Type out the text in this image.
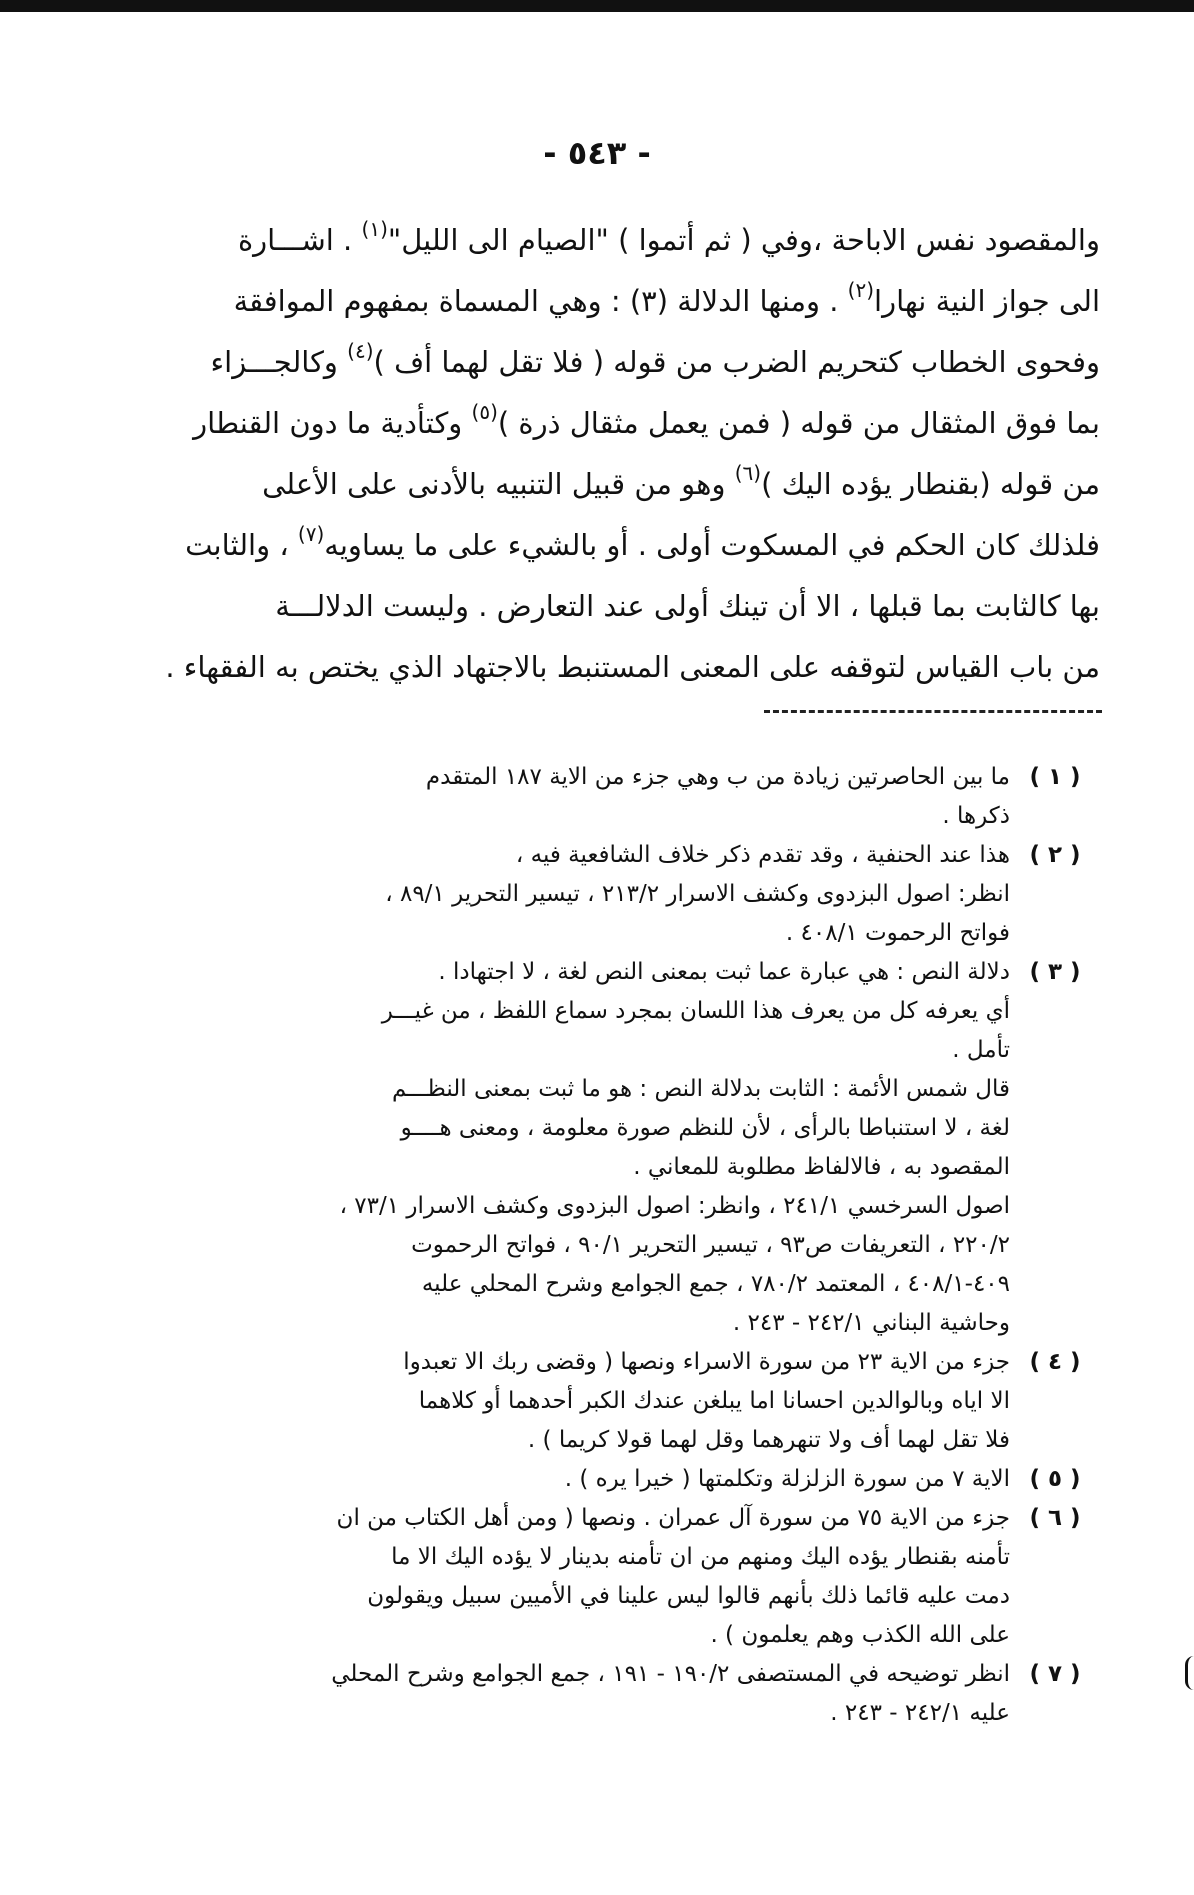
- ٥٤٣ -

والمقصود نفس الاباحة ،وفي ( ثم أتموا ) "الصيام الى الليل"$^{(١)}$ . اشـــارة

الى جواز النية نهارا$^{(٢)}$ . ومنها الدلالة (٣) : وهي المسماة بمفهوم الموافقة

وفحوى الخطاب كتحريم الضرب من قوله ( فلا تقل لهما أف )$^{(٤)}$ وكالجـــزاء

بما فوق المثقال من قوله ( فمن يعمل مثقال ذرة )$^{(٥)}$ وكتأدية ما دون القنطار

من قوله (بقنطار يؤده اليك )$^{(٦)}$ وهو من قبيل التنبيه بالأدنى على الأعلى

فلذلك كان الحكم في المسكوت أولى . أو بالشيء على ما يساويه$^{(٧)}$ ، والثابت

بها كالثابت بما قبلها ، الا أن تينك أولى عند التعارض . وليست الدلالـــة

من باب القياس لتوقفه على المعنى المستنبط بالاجتهاد الذي يختص به الفقهاء .

( ١ )
ما بين الحاصرتين زيادة من ب وهي جزء من الاية ١٨٧ المتقدم
ذكرها .
( ٢ )
هذا عند الحنفية ، وقد تقدم ذكر خلاف الشافعية فيه ،
انظر: اصول البزدوى وكشف الاسرار ٢١٣/٢ ، تيسير التحرير ٨٩/١ ،
فواتح الرحموت ٤٠٨/١ .
( ٣ )
دلالة النص : هي عبارة عما ثبت بمعنى النص لغة ، لا اجتهادا .
أي يعرفه كل من يعرف هذا اللسان بمجرد سماع اللفظ ، من غيـــر
تأمل .
قال شمس الأئمة : الثابت بدلالة النص : هو ما ثبت بمعنى النظـــم
لغة ، لا استنباطا بالرأى ، لأن للنظم صورة معلومة ، ومعنى هــــو
المقصود به ، فالالفاظ مطلوبة للمعاني .
اصول السرخسي ٢٤١/١ ، وانظر: اصول البزدوى وكشف الاسرار ٧٣/١ ،
٢٢٠/٢ ، التعريفات ص٩٣ ، تيسير التحرير ٩٠/١ ، فواتح الرحموت
٤٠٩-٤٠٨/١ ، المعتمد ٧٨٠/٢ ، جمع الجوامع وشرح المحلي عليه
وحاشية البناني ٢٤٢/١ - ٢٤٣ .
( ٤ )
جزء من الاية ٢٣ من سورة الاسراء ونصها ( وقضى ربك الا تعبدوا
الا اياه وبالوالدين احسانا اما يبلغن عندك الكبر أحدهما أو كلاهما
فلا تقل لهما أف ولا تنهرهما وقل لهما قولا كريما ) .
( ٥ )
الاية ٧ من سورة الزلزلة وتكلمتها ( خيرا يره ) .
( ٦ )
جزء من الاية ٧٥ من سورة آل عمران . ونصها ( ومن أهل الكتاب من ان
تأمنه بقنطار يؤده اليك ومنهم من ان تأمنه بدينار لا يؤده اليك الا ما
دمت عليه قائما ذلك بأنهم قالوا ليس علينا في الأميين سبيل ويقولون
على الله الكذب وهم يعلمون ) .
( ٧ )
انظر توضيحه في المستصفى ١٩٠/٢ - ١٩١ ، جمع الجوامع وشرح المحلي
عليه ٢٤٢/١ - ٢٤٣ .
